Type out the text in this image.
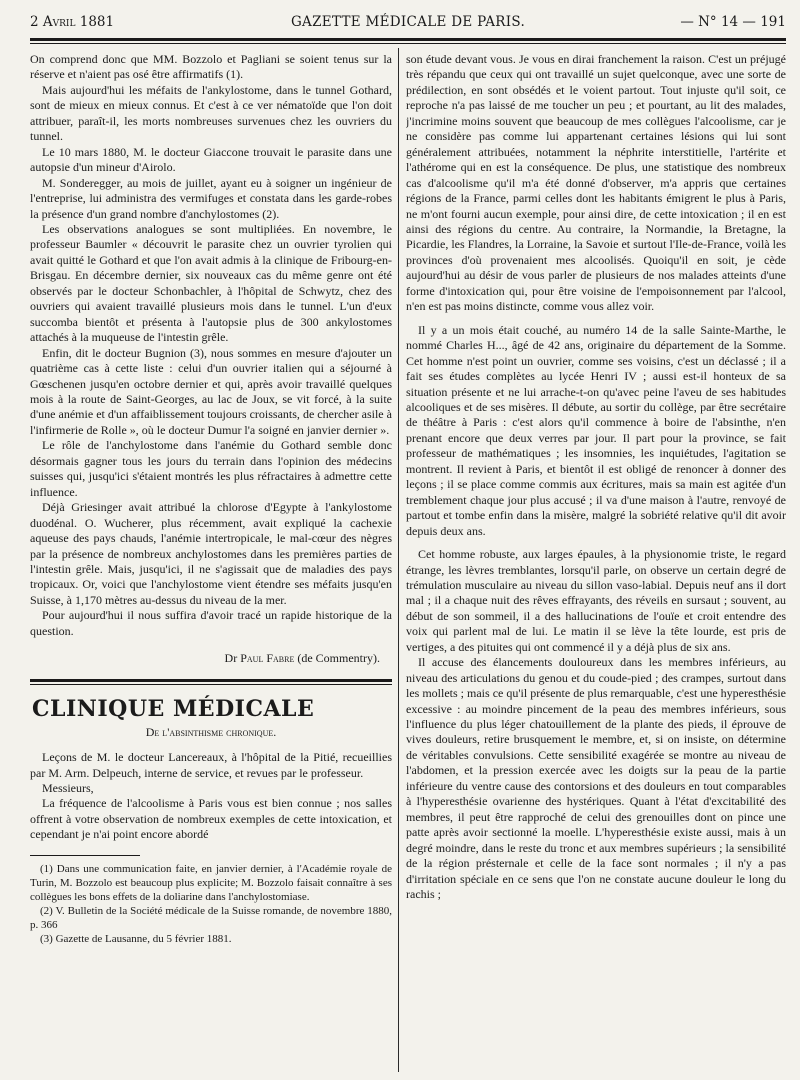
2 Avril 1881	GAZETTE MÉDICALE DE PARIS.	— N° 14 — 191

On comprend donc que MM. Bozzolo et Pagliani se soient tenus sur la réserve et n'aient pas osé être affirmatifs (1).

Mais aujourd'hui les méfaits de l'ankylostome, dans le tunnel Gothard, sont de mieux en mieux connus. Et c'est à ce ver nématoïde que l'on doit attribuer, paraît-il, les morts nombreuses survenues chez les ouvriers du tunnel.

Le 10 mars 1880, M. le docteur Giaccone trouvait le parasite dans une autopsie d'un mineur d'Airolo.

M. Sonderegger, au mois de juillet, ayant eu à soigner un ingénieur de l'entreprise, lui administra des vermifuges et constata dans les garde-robes la présence d'un grand nombre d'anchylostomes (2).

Les observations analogues se sont multipliées. En novembre, le professeur Baumler « découvrit le parasite chez un ouvrier tyrolien qui avait quitté le Gothard et que l'on avait admis à la clinique de Fribourg-en-Brisgau. En décembre dernier, six nouveaux cas du même genre ont été observés par le docteur Schonbachler, à l'hôpital de Schwytz, chez des ouvriers qui avaient travaillé plusieurs mois dans le tunnel. L'un d'eux succomba bientôt et présenta à l'autopsie plus de 300 ankylostomes attachés à la muqueuse de l'intestin grêle.

Enfin, dit le docteur Bugnion (3), nous sommes en mesure d'ajouter un quatrième cas à cette liste : celui d'un ouvrier italien qui a séjourné à Gœschenen jusqu'en octobre dernier et qui, après avoir travaillé quelques mois à la route de Saint-Georges, au lac de Joux, se vit forcé, à la suite d'une anémie et d'un affaiblissement toujours croissants, de chercher asile à l'infirmerie de Rolle », où le docteur Dumur l'a soigné en janvier dernier ».

Le rôle de l'anchylostome dans l'anémie du Gothard semble donc désormais gagner tous les jours du terrain dans l'opinion des médecins suisses qui, jusqu'ici s'étaient montrés les plus réfractaires à admettre cette influence.

Déjà Griesinger avait attribué la chlorose d'Egypte à l'ankylostome duodénal. O. Wucherer, plus récemment, avait expliqué la cachexie aqueuse des pays chauds, l'anémie intertropicale, le mal-cœur des nègres par la présence de nombreux anchylostomes dans les premières parties de l'intestin grêle. Mais, jusqu'ici, il ne s'agissait que de maladies des pays tropicaux. Or, voici que l'anchylostome vient étendre ses méfaits jusqu'en Suisse, à 1,170 mètres au-dessus du niveau de la mer.

Pour aujourd'hui il nous suffira d'avoir tracé un rapide historique de la question.

Dr Paul Fabre (de Commentry).
CLINIQUE MÉDICALE
De l'absinthisme chronique.

Leçons de M. le docteur Lancereaux, à l'hôpital de la Pitié, recueillies par M. Arm. Delpeuch, interne de service, et revues par le professeur.

Messieurs,

La fréquence de l'alcoolisme à Paris vous est bien connue ; nos salles offrent à votre observation de nombreux exemples de cette intoxication, et cependant je n'ai point encore abordé

(1) Dans une communication faite, en janvier dernier, à l'Académie royale de Turin, M. Bozzolo est beaucoup plus explicite; M. Bozzolo faisait connaître à ses collègues les bons effets de la doliarine dans l'anchylostomiase.

(2) V. Bulletin de la Société médicale de la Suisse romande, de novembre 1880, p. 366

(3) Gazette de Lausanne, du 5 février 1881.

son étude devant vous. Je vous en dirai franchement la raison. C'est un préjugé très répandu que ceux qui ont travaillé un sujet quelconque, avec une sorte de prédilection, en sont obsédés et le voient partout. Tout injuste qu'il soit, ce reproche n'a pas laissé de me toucher un peu ; et pourtant, au lit des malades, j'incrimine moins souvent que beaucoup de mes collègues l'alcoolisme, car je ne considère pas comme lui appartenant certaines lésions qui lui sont généralement attribuées, notamment la néphrite interstitielle, l'artérite et l'athérome qui en est la conséquence. De plus, une statistique des nombreux cas d'alcoolisme qu'il m'a été donné d'observer, m'a appris que certaines régions de la France, parmi celles dont les habitants émigrent le plus à Paris, ne m'ont fourni aucun exemple, pour ainsi dire, de cette intoxication ; il en est ainsi des régions du centre. Au contraire, la Normandie, la Bretagne, la Picardie, les Flandres, la Lorraine, la Savoie et surtout l'Ile-de-France, voilà les provinces d'où provenaient mes alcoolisés. Quoiqu'il en soit, je cède aujourd'hui au désir de vous parler de plusieurs de nos malades atteints d'une forme d'intoxication qui, pour être voisine de l'empoisonnement par l'alcool, n'en est pas moins distincte, comme vous allez voir.

Il y a un mois était couché, au numéro 14 de la salle Sainte-Marthe, le nommé Charles H..., âgé de 42 ans, originaire du département de la Somme. Cet homme n'est point un ouvrier, comme ses voisins, c'est un déclassé ; il a fait ses études complètes au lycée Henri IV ; aussi est-il honteux de sa situation présente et ne lui arrache-t-on qu'avec peine l'aveu de ses habitudes alcooliques et de ses misères. Il débute, au sortir du collège, par être secrétaire de théâtre à Paris : c'est alors qu'il commence à boire de l'absinthe, n'en prenant encore que deux verres par jour. Il part pour la province, se fait professeur de mathématiques ; les insomnies, les inquiétudes, l'agitation se montrent. Il revient à Paris, et bientôt il est obligé de renoncer à donner des leçons ; il se place comme commis aux écritures, mais sa main est agitée d'un tremblement chaque jour plus accusé ; il va d'une maison à l'autre, renvoyé de partout et tombe enfin dans la misère, malgré la sobriété relative qu'il dit avoir depuis deux ans.

Cet homme robuste, aux larges épaules, à la physionomie triste, le regard étrange, les lèvres tremblantes, lorsqu'il parle, on observe un certain degré de trémulation musculaire au niveau du sillon vaso-labial. Depuis neuf ans il dort mal ; il a chaque nuit des rêves effrayants, des réveils en sursaut ; souvent, au début de son sommeil, il a des hallucinations de l'ouïe et croit entendre des voix qui parlent mal de lui. Le matin il se lève la tête lourde, est pris de vertiges, a des pituites qui ont commencé il y a déjà plus de six ans.

Il accuse des élancements douloureux dans les membres inférieurs, au niveau des articulations du genou et du coude-pied ; des crampes, surtout dans les mollets ; mais ce qu'il présente de plus remarquable, c'est une hyperesthésie excessive : au moindre pincement de la peau des membres inférieurs, sous l'influence du plus léger chatouillement de la plante des pieds, il éprouve de vives douleurs, retire brusquement le membre, et, si on insiste, on détermine de véritables convulsions. Cette sensibilité exagérée se montre au niveau de l'abdomen, et la pression exercée avec les doigts sur la peau de la partie inférieure du ventre cause des contorsions et des douleurs en tout comparables à l'hyperesthésie ovarienne des hystériques. Quant à l'état d'excitabilité des membres, il peut être rapproché de celui des grenouilles dont on pince une patte après avoir sectionné la moelle. L'hyperesthésie existe aussi, mais à un degré moindre, dans le reste du tronc et aux membres supérieurs ; la sensibilité de la région présternale et celle de la face sont normales ; il n'y a pas d'irritation spéciale en ce sens que l'on ne constate aucune douleur le long du rachis ;
